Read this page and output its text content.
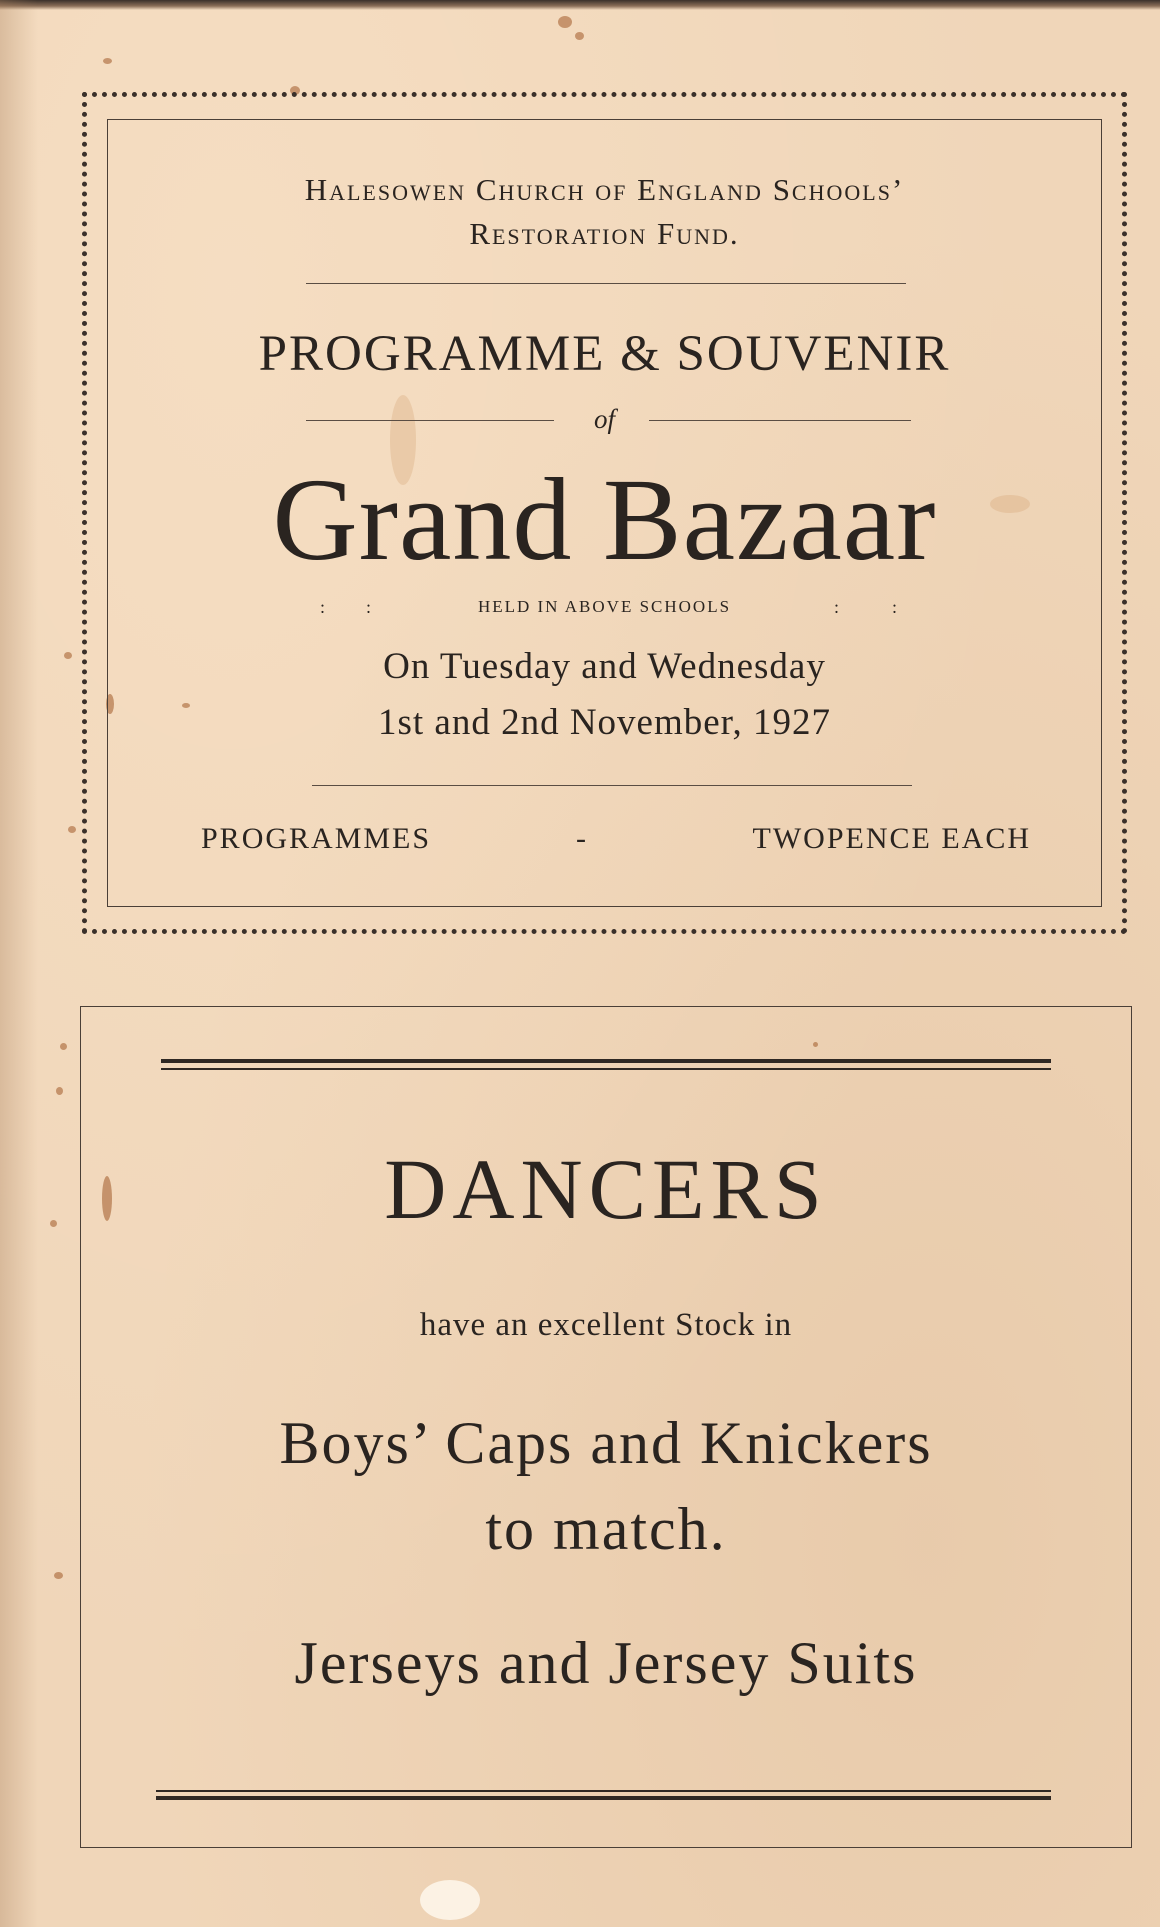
Halesowen Church of England Schools’
Restoration Fund.
PROGRAMME & SOUVENIR
of
Grand Bazaar
: :	HELD IN ABOVE SCHOOLS	:	:
On Tuesday and Wednesday
1st and 2nd November, 1927
PROGRAMMES	-	TWOPENCE EACH
DANCERS
have an excellent Stock in
Boys’ Caps and Knickers
to match.
Jerseys and Jersey Suits
